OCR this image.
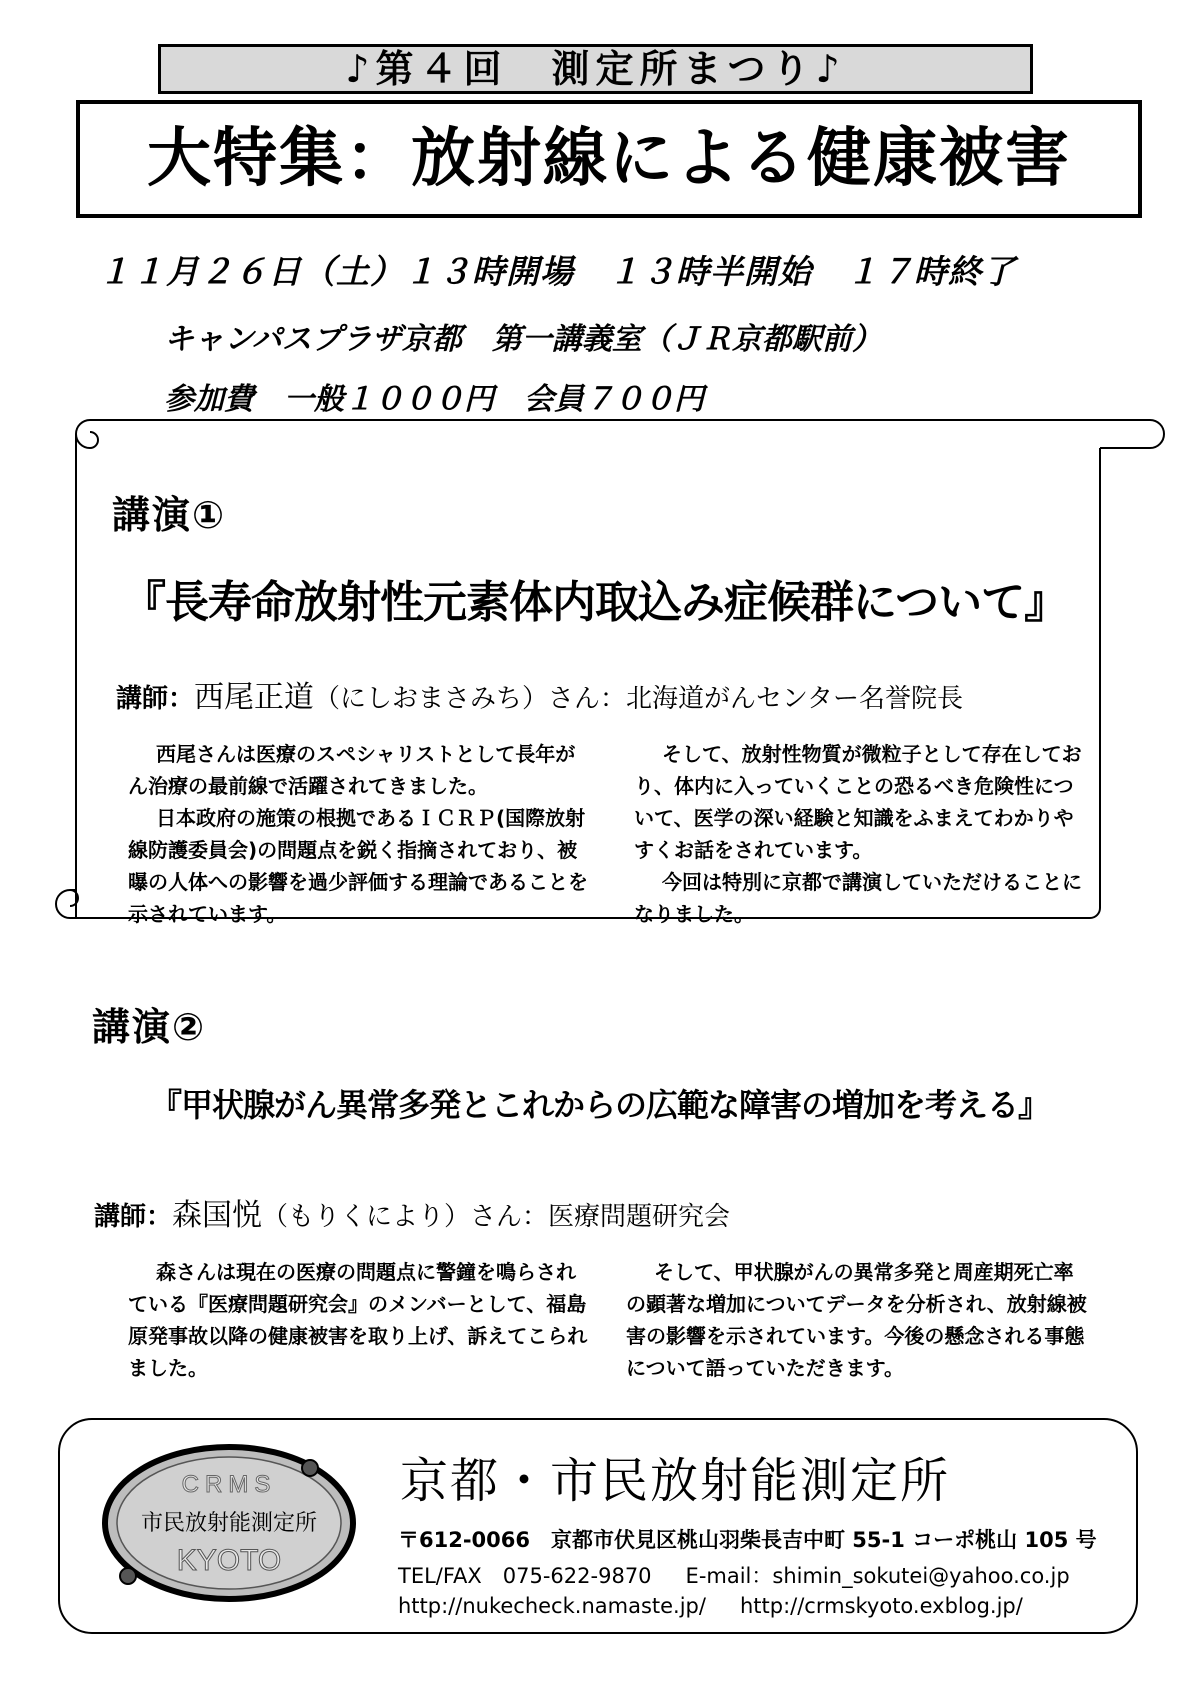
♪第４回　測定所まつり♪
大特集：放射線による健康被害
１１月２６日（土）１３時開場　１３時半開始　１７時終了
キャンパスプラザ京都　第一講義室（ＪＲ京都駅前）
参加費　一般１０００円　会員７００円
講演①
『長寿命放射性元素体内取込み症候群について』
講師：西尾正道（にしおまさみち）さん：北海道がんセンター名誉院長

西尾さんは医療のスペシャリストとして長年がん治療の最前線で活躍されてきました。

日本政府の施策の根拠であるＩＣＲＰ(国際放射線防護委員会)の問題点を鋭く指摘されており、被曝の人体への影響を過少評価する理論であることを示されています。

そして、放射性物質が微粒子として存在しており、体内に入っていくことの恐るべき危険性について、医学の深い経験と知識をふまえてわかりやすくお話をされています。

今回は特別に京都で講演していただけることになりました。

講演②
『甲状腺がん異常多発とこれからの広範な障害の増加を考える』
講師：森国悦（もりくにより）さん：医療問題研究会

森さんは現在の医療の問題点に警鐘を鳴らされている『医療問題研究会』のメンバーとして、福島原発事故以降の健康被害を取り上げ、訴えてこられました。

そして、甲状腺がんの異常多発と周産期死亡率の顕著な増加についてデータを分析され、放射線被害の影響を示されています。今後の懸念される事態について語っていただきます。

CRMS
市民放射能測定所
KYOTO
京都・市民放射能測定所
〒612-0066　京都市伏見区桃山羽柴長吉中町 55-1 コーポ桃山 105 号
TEL/FAX　075-622-9870 E-mail：shimin_sokutei@yahoo.co.jp
http://nukecheck.namaste.jp/ http://crmskyoto.exblog.jp/
